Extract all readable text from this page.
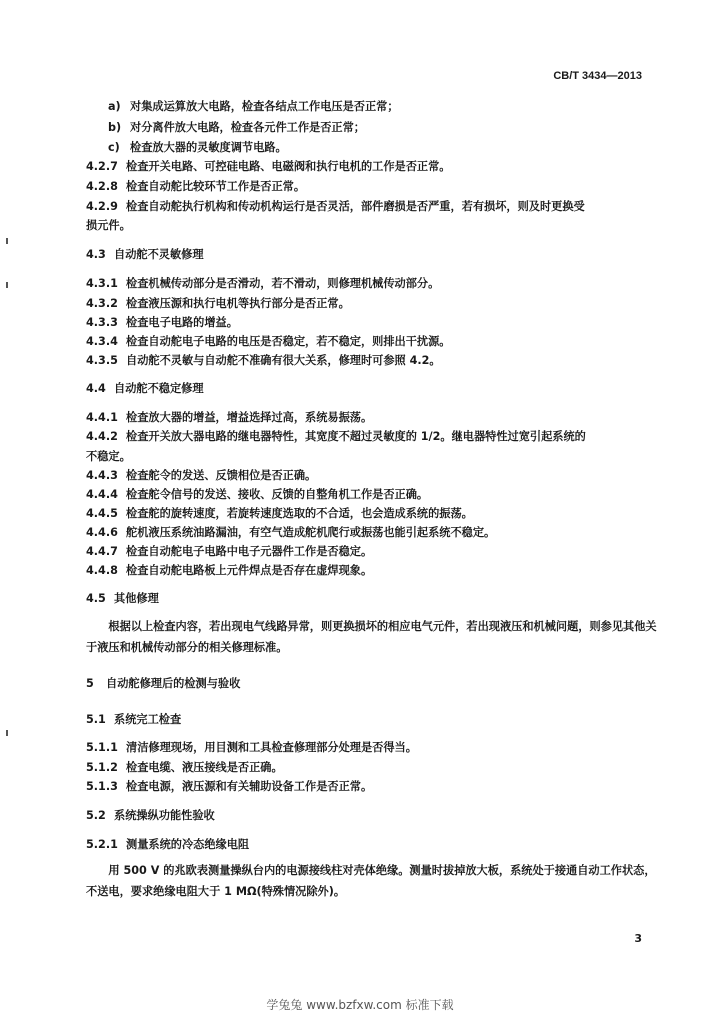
CB/T 3434—2013
a) 对集成运算放大电路，检查各结点工作电压是否正常；
b) 对分离件放大电路，检查各元件工作是否正常；
c) 检查放大器的灵敏度调节电路。
4.2.7 检查开关电路、可控硅电路、电磁阀和执行电机的工作是否正常。
4.2.8 检查自动舵比较环节工作是否正常。
4.2.9 检查自动舵执行机构和传动机构运行是否灵活，部件磨损是否严重，若有损坏，则及时更换受
损元件。
4.3 自动舵不灵敏修理
4.3.1 检查机械传动部分是否滑动，若不滑动，则修理机械传动部分。
4.3.2 检查液压源和执行电机等执行部分是否正常。
4.3.3 检查电子电路的增益。
4.3.4 检查自动舵电子电路的电压是否稳定，若不稳定，则排出干扰源。
4.3.5 自动舵不灵敏与自动舵不准确有很大关系，修理时可参照 4.2。
4.4 自动舵不稳定修理
4.4.1 检查放大器的增益，增益选择过高，系统易振荡。
4.4.2 检查开关放大器电路的继电器特性，其宽度不超过灵敏度的 1/2。继电器特性过宽引起系统的
不稳定。
4.4.3 检查舵令的发送、反馈相位是否正确。
4.4.4 检查舵令信号的发送、接收、反馈的自整角机工作是否正确。
4.4.5 检查舵的旋转速度，若旋转速度选取的不合适，也会造成系统的振荡。
4.4.6 舵机液压系统油路漏油，有空气造成舵机爬行或振荡也能引起系统不稳定。
4.4.7 检查自动舵电子电路中电子元器件工作是否稳定。
4.4.8 检查自动舵电路板上元件焊点是否存在虚焊现象。
4.5 其他修理
根据以上检查内容，若出现电气线路异常，则更换损坏的相应电气元件，若出现液压和机械问题，则参见其他关于液压和机械传动部分的相关修理标准。
5 自动舵修理后的检测与验收
5.1 系统完工检查
5.1.1 清洁修理现场，用目测和工具检查修理部分处理是否得当。
5.1.2 检查电缆、液压接线是否正确。
5.1.3 检查电源，液压源和有关辅助设备工作是否正常。
5.2 系统操纵功能性验收
5.2.1 测量系统的冷态绝缘电阻
用 500 V 的兆欧表测量操纵台内的电源接线柱对壳体绝缘。测量时拔掉放大板，系统处于接通自动工作状态，不送电，要求绝缘电阻大于 1 MΩ(特殊情况除外)。
3
学兔兔 www.bzfxw.com 标准下载
